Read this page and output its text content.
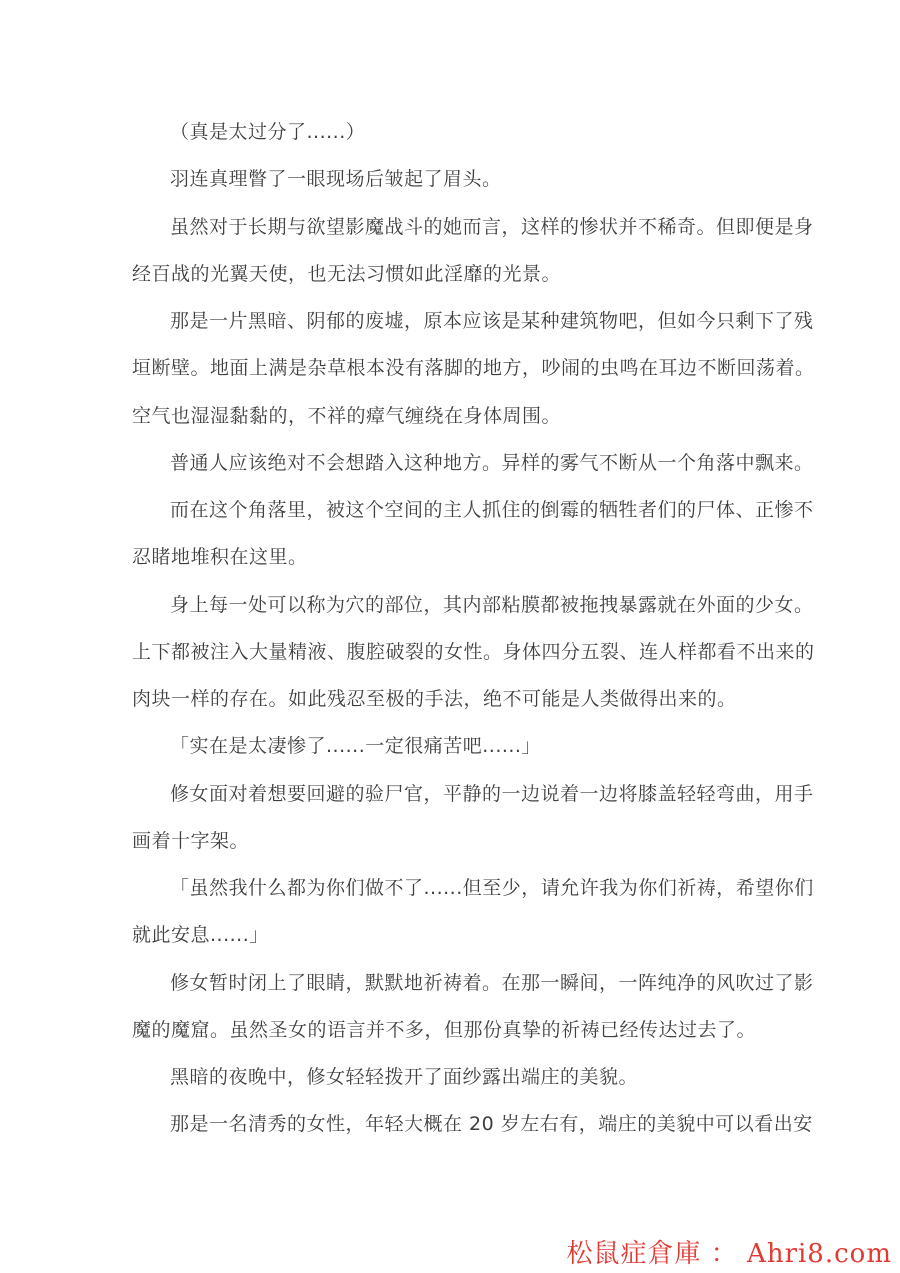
（真是太过分了......）
羽连真理瞥了一眼现场后皱起了眉头。
虽然对于长期与欲望影魔战斗的她而言，这样的惨状并不稀奇。但即便是身
经百战的光翼天使，也无法习惯如此淫靡的光景。
那是一片黑暗、阴郁的废墟，原本应该是某种建筑物吧，但如今只剩下了残
垣断壁。地面上满是杂草根本没有落脚的地方，吵闹的虫鸣在耳边不断回荡着。
空气也湿湿黏黏的，不祥的瘴气缠绕在身体周围。
普通人应该绝对不会想踏入这种地方。异样的雾气不断从一个角落中飘来。
而在这个角落里，被这个空间的主人抓住的倒霉的牺牲者们的尸体、正惨不
忍睹地堆积在这里。
身上每一处可以称为穴的部位，其内部粘膜都被拖拽暴露就在外面的少女。
上下都被注入大量精液、腹腔破裂的女性。身体四分五裂、连人样都看不出来的
肉块一样的存在。如此残忍至极的手法，绝不可能是人类做得出来的。
「实在是太凄惨了......一定很痛苦吧......」
修女面对着想要回避的验尸官，平静的一边说着一边将膝盖轻轻弯曲，用手
画着十字架。
「虽然我什么都为你们做不了......但至少，请允许我为你们祈祷，希望你们
就此安息......」
修女暂时闭上了眼睛，默默地祈祷着。在那一瞬间，一阵纯净的风吹过了影
魔的魔窟。虽然圣女的语言并不多，但那份真挚的祈祷已经传达过去了。
黑暗的夜晚中，修女轻轻拨开了面纱露出端庄的美貌。
那是一名清秀的女性，年轻大概在 20 岁左右有，端庄的美貌中可以看出安
松鼠症倉庫 ： Ahri8.com
